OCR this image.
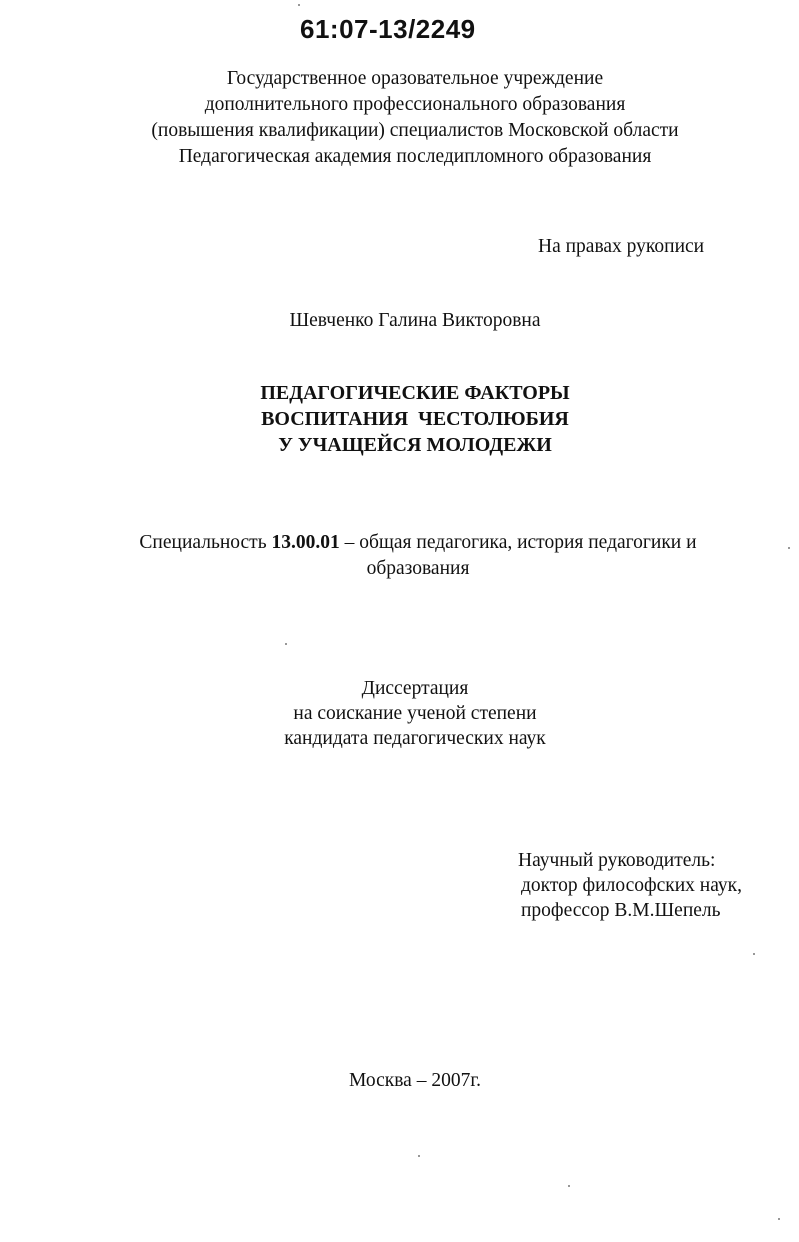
61:07-13/2249
Государственное оразовательное учреждение
дополнительного профессионального образования
(повышения квалификации) специалистов Московской области
Педагогическая академия последипломного образования
На правах рукописи
Шевченко Галина Викторовна
ПЕДАГОГИЧЕСКИЕ ФАКТОРЫ
ВОСПИТАНИЯ  ЧЕСТОЛЮБИЯ
У УЧАЩЕЙСЯ МОЛОДЕЖИ
Специальность 13.00.01 – общая педагогика, история педагогики и образования
Диссертация
на соискание ученой степени
кандидата педагогических наук
Научный руководитель:
доктор философских наук,
профессор В.М.Шепель
Москва – 2007г.
